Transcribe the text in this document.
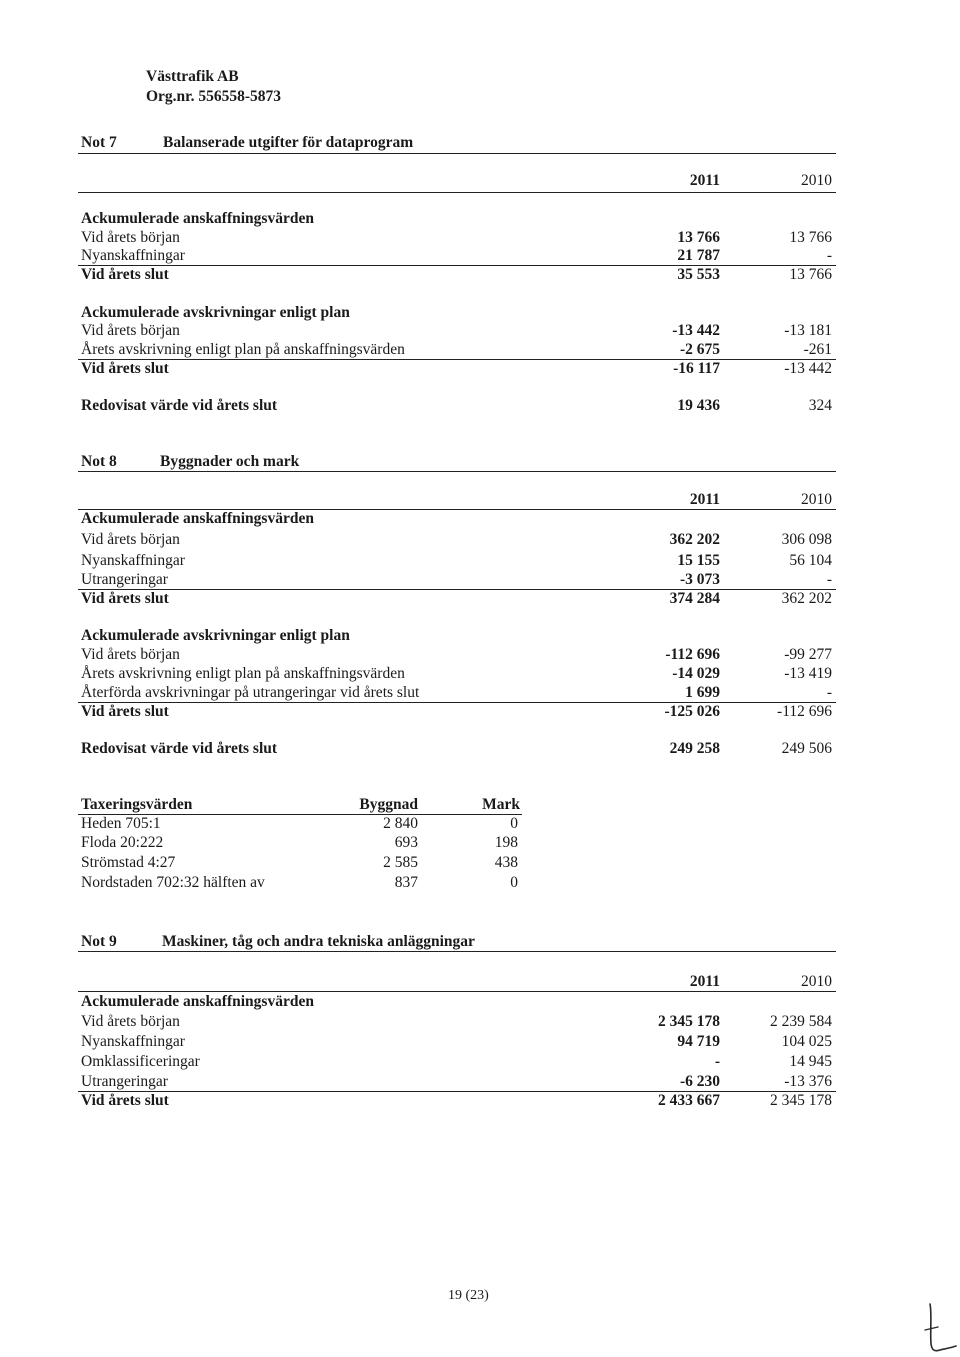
Västtrafik AB
Org.nr. 556558-5873
Not 7	Balanserade utgifter för dataprogram
2011	2010
Ackumulerade anskaffningsvärden
Vid årets början	13 766	13 766
Nyanskaffningar	21 787	-
Vid årets slut	35 553	13 766
Ackumulerade avskrivningar enligt plan
Vid årets början	-13 442	-13 181
Årets avskrivning enligt plan på anskaffningsvärden	-2 675	-261
Vid årets slut	-16 117	-13 442
Redovisat värde vid årets slut	19 436	324
Not 8	Byggnader och mark
2011	2010
Ackumulerade anskaffningsvärden
Vid årets början	362 202	306 098
Nyanskaffningar	15 155	56 104
Utrangeringar	-3 073	-
Vid årets slut	374 284	362 202
Ackumulerade avskrivningar enligt plan
Vid årets början	-112 696	-99 277
Årets avskrivning enligt plan på anskaffningsvärden	-14 029	-13 419
Återförda avskrivningar på utrangeringar vid årets slut	1 699	-
Vid årets slut	-125 026	-112 696
Redovisat värde vid årets slut	249 258	249 506
Taxeringsvärden	Byggnad	Mark
Heden 705:1	2 840	0
Floda 20:222	693	198
Strömstad 4:27	2 585	438
Nordstaden 702:32 hälften av	837	0
Not 9	Maskiner, tåg och andra tekniska anläggningar
2011	2010
Ackumulerade anskaffningsvärden
Vid årets början	2 345 178	2 239 584
Nyanskaffningar	94 719	104 025
Omklassificeringar	-	14 945
Utrangeringar	-6 230	-13 376
Vid årets slut	2 433 667	2 345 178
19 (23)
